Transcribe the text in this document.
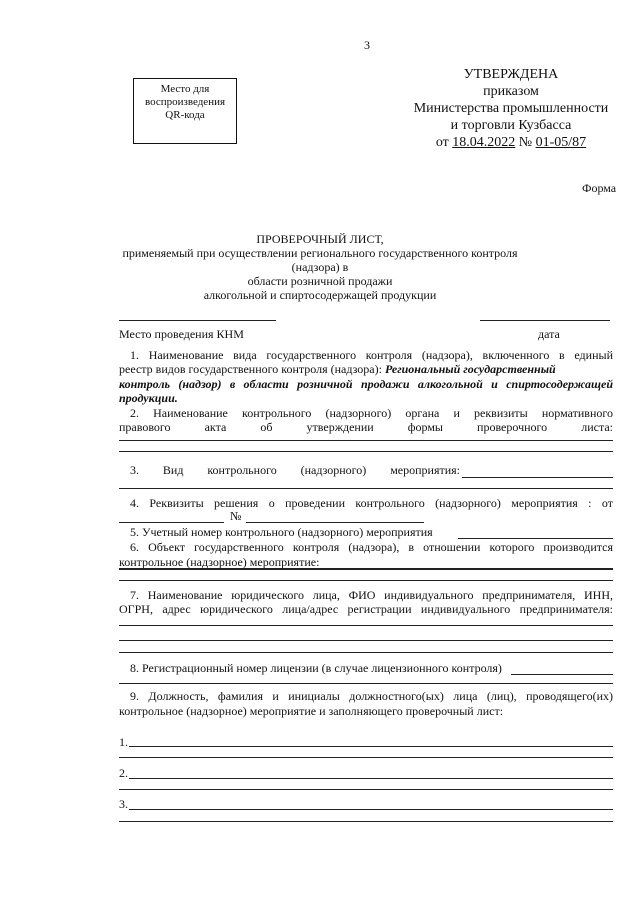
3
Место для
воспроизведения
QR-кода
УТВЕРЖДЕНА
приказом
Министерства промышленности
и торговли Кузбасса
от 18.04.2022 № 01-05/87
Форма
ПРОВЕРОЧНЫЙ ЛИСТ,
применяемый при осуществлении регионального государственного контроля (надзора) в
области розничной продажи
алкогольной и спиртосодержащей продукции
Место проведения КНМ	дата
1. Наименование вида государственного контроля (надзора), включенного в единый
реестр видов государственного контроля (надзора): Региональный государственный
контроль (надзор) в области розничной продажи алкогольной и спиртосодержащей
продукции.
2. Наименование контрольного (надзорного) органа и реквизиты нормативного
правового акта об утверждении формы проверочного листа:
3. Вид контрольного (надзорного) мероприятия:
4. Реквизиты решения о проведении контрольного (надзорного) мероприятия : от
№
5. Учетный номер контрольного (надзорного) мероприятия
6. Объект государственного контроля (надзора), в отношении которого производится
контрольное (надзорное) мероприятие:
7. Наименование юридического лица, ФИО индивидуального предпринимателя, ИНН,
ОГРН, адрес юридического лица/адрес регистрации индивидуального предпринимателя:
8. Регистрационный номер лицензии (в случае лицензионного контроля)
9. Должность, фамилия и инициалы должностного(ых) лица (лиц), проводящего(их)
контрольное (надзорное) мероприятие и заполняющего проверочный лист:
1.
2.
3.
